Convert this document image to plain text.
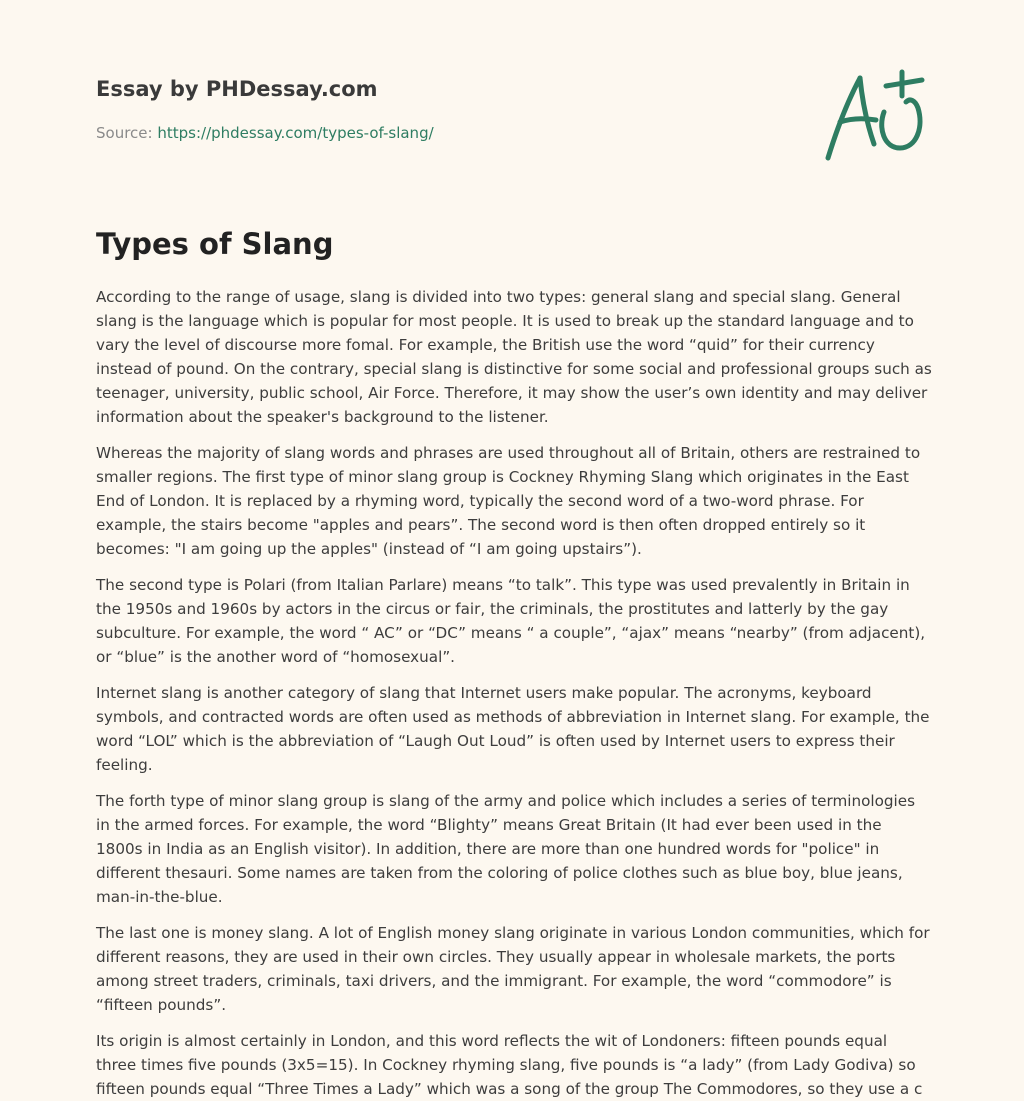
Essay by PHDessay.com
Source: https://phdessay.com/types-of-slang/
Types of Slang

According to the range of usage, slang is divided into two types: general slang and special slang. General slang is the language which is popular for most people. It is used to break up the standard language and to vary the level of discourse more fomal. For example, the British use the word “quid” for their currency instead of pound. On the contrary, special slang is distinctive for some social and professional groups such as teenager, university, public school, Air Force. Therefore, it may show the user’s own identity and may deliver information about the speaker's background to the listener.

Whereas the majority of slang words and phrases are used throughout all of Britain, others are restrained to smaller regions. The first type of minor slang group is Cockney Rhyming Slang which originates in the East End of London. It is replaced by a rhyming word, typically the second word of a two-word phrase. For example, the stairs become "apples and pears”. The second word is then often dropped entirely so it becomes: "I am going up the apples" (instead of “I am going upstairs”).

The second type is Polari (from Italian Parlare) means “to talk”. This type was used prevalently in Britain in the 1950s and 1960s by actors in the circus or fair, the criminals, the prostitutes and latterly by the gay subculture. For example, the word “ AC” or “DC” means “ a couple”, “ajax” means “nearby” (from adjacent), or “blue” is the another word of “homosexual”.

Internet slang is another category of slang that Internet users make popular. The acronyms, keyboard symbols, and contracted words are often used as methods of abbreviation in Internet slang. For example, the word “LOL” which is the abbreviation of “Laugh Out Loud” is often used by Internet users to express their feeling.

The forth type of minor slang group is slang of the army and police which includes a series of terminologies in the armed forces. For example, the word “Blighty” means Great Britain (It had ever been used in the 1800s in India as an English visitor). In addition, there are more than one hundred words for "police" in different thesauri. Some names are taken from the coloring of police clothes such as blue boy, blue jeans, man-in-the-blue.

The last one is money slang. A lot of English money slang originate in various London communities, which for different reasons, they are used in their own circles. They usually appear in wholesale markets, the ports among street traders, criminals, taxi drivers, and the immigrant. For example, the word “commodore” is “fifteen pounds”.

Its origin is almost certainly in London, and this word reflects the wit of Londoners: fifteen pounds equal three times five pounds (3x5=15). In Cockney rhyming slang, five pounds is “a lady” (from Lady Godiva) so fifteen pounds equal “Three Times a Lady” which was a song of the group The Commodores, so they use a c
